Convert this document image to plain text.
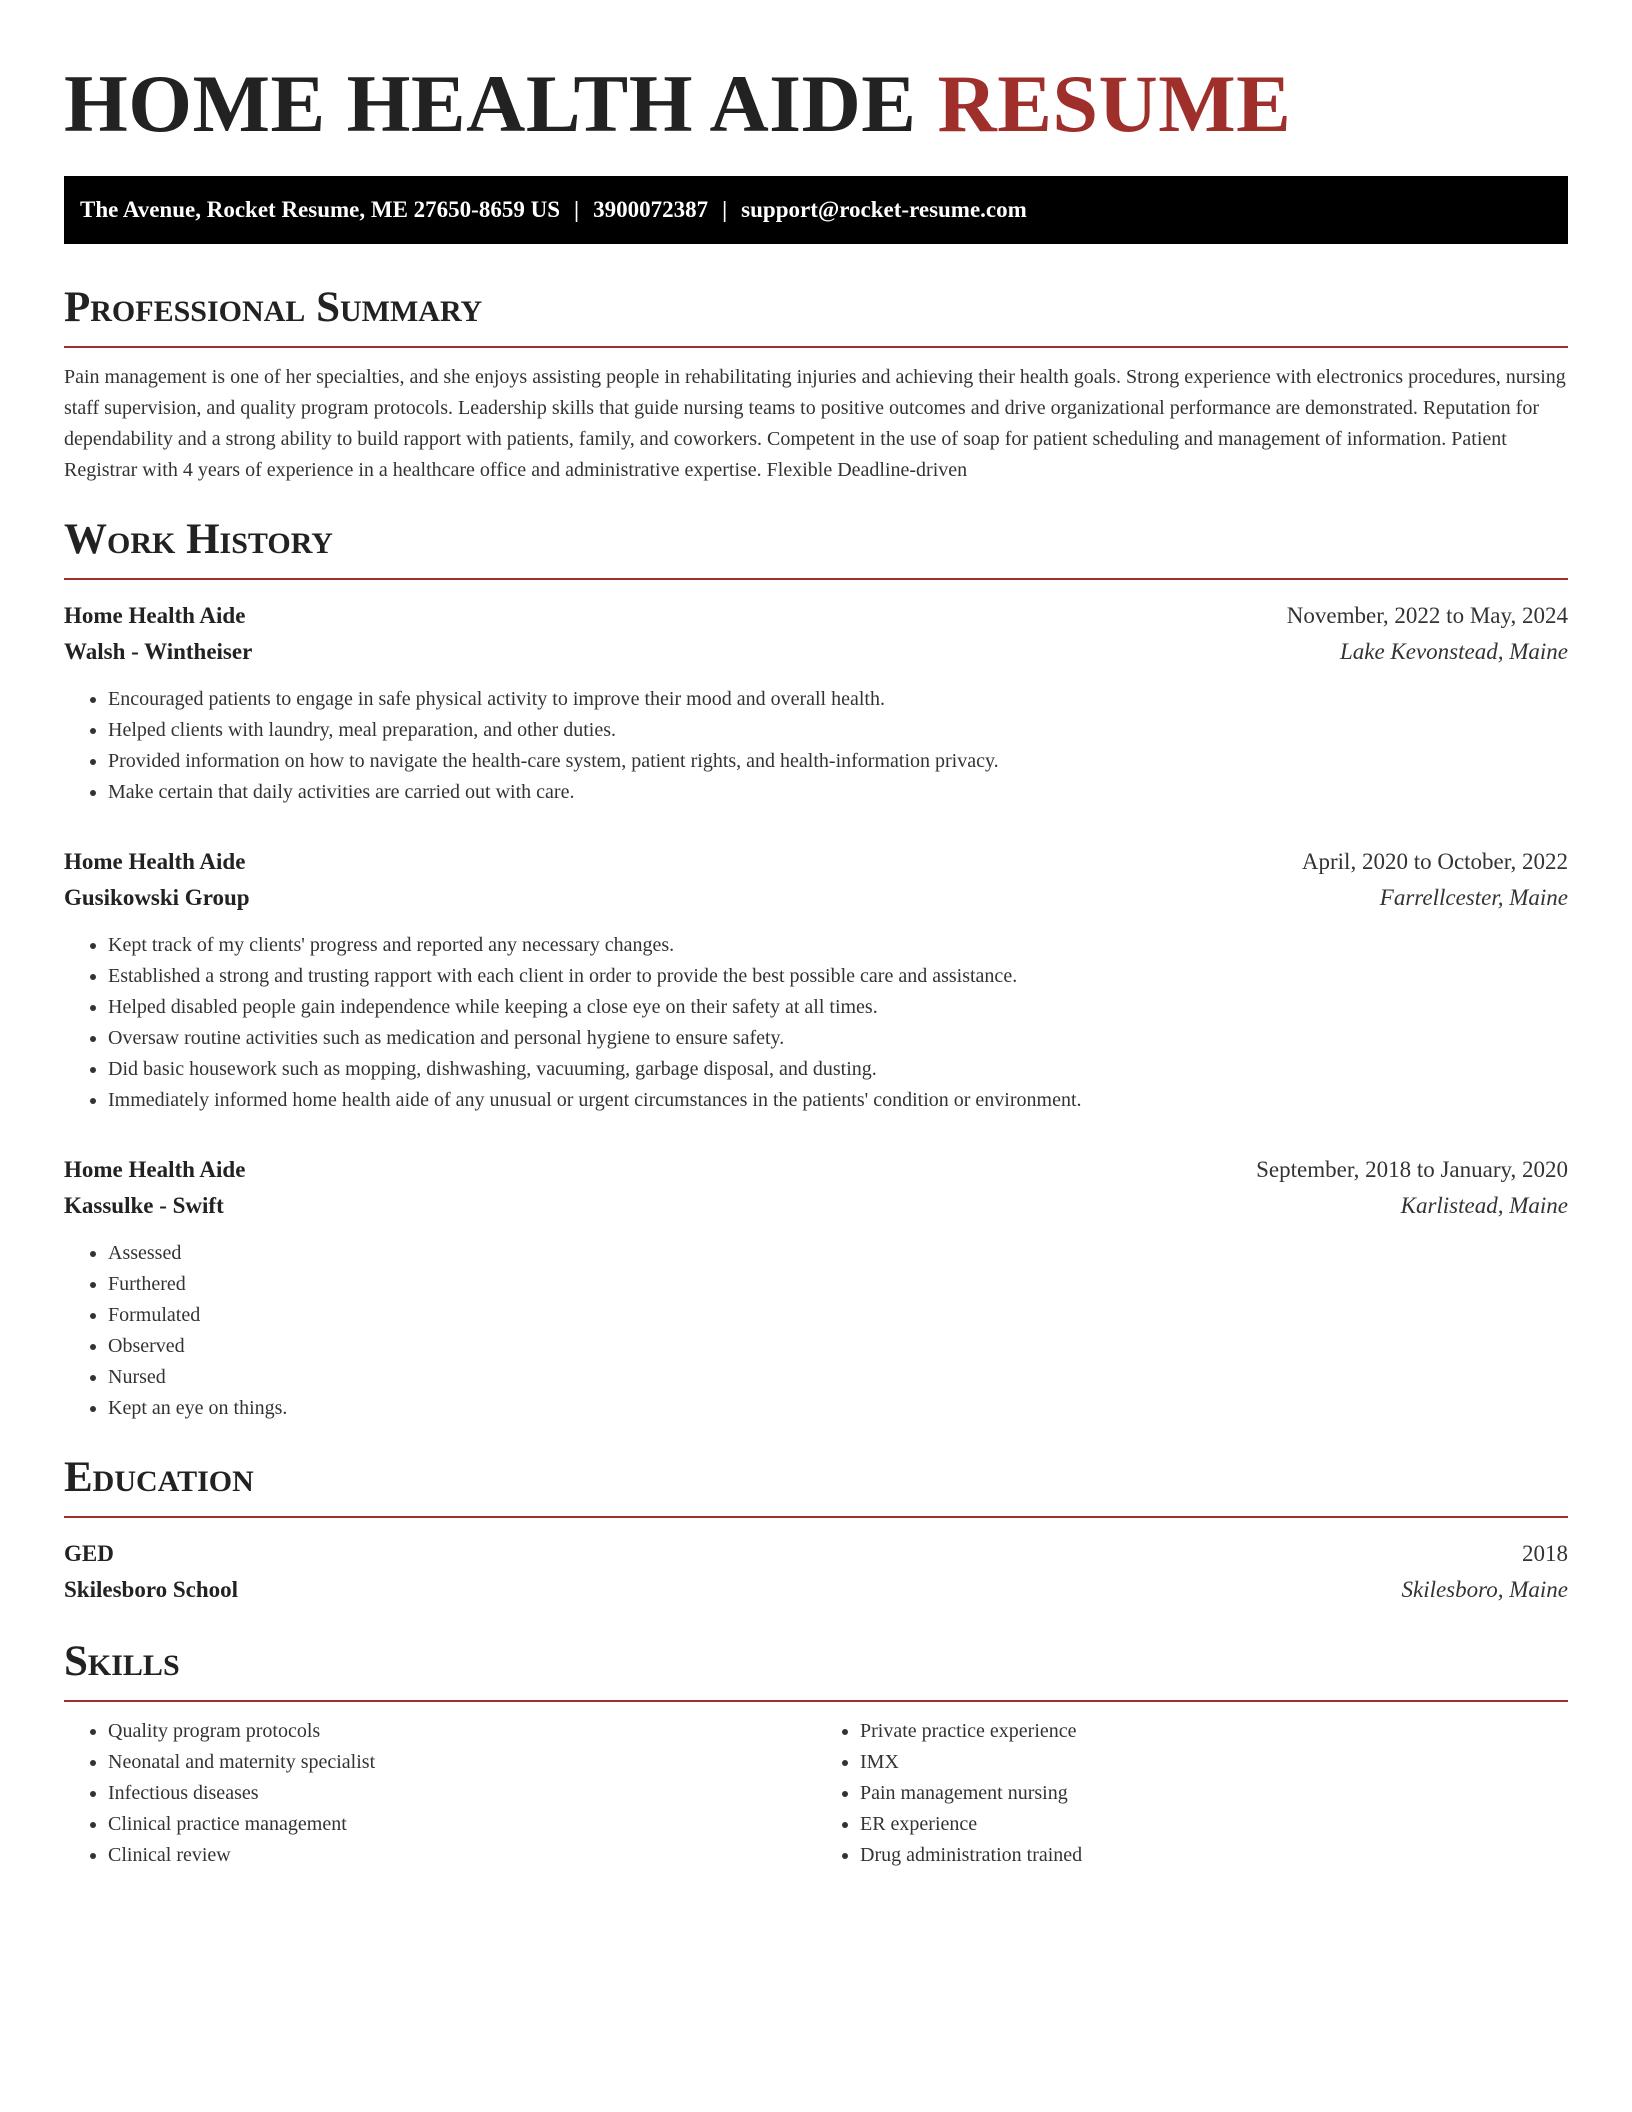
HOME HEALTH AIDE RESUME
The Avenue, Rocket Resume, ME 27650-8659 US | 3900072387 | support@rocket-resume.com
Professional Summary

Pain management is one of her specialties, and she enjoys assisting people in rehabilitating injuries and achieving their health goals. Strong experience with electronics procedures, nursing staff supervision, and quality program protocols. Leadership skills that guide nursing teams to positive outcomes and drive organizational performance are demonstrated. Reputation for dependability and a strong ability to build rapport with patients, family, and coworkers. Competent in the use of soap for patient scheduling and management of information. Patient Registrar with 4 years of experience in a healthcare office and administrative expertise. Flexible Deadline-driven

Work History
Home Health Aide	November, 2022 to May, 2024
Walsh - Wintheiser	Lake Kevonstead, Maine
• Encouraged patients to engage in safe physical activity to improve their mood and overall health.
• Helped clients with laundry, meal preparation, and other duties.
• Provided information on how to navigate the health-care system, patient rights, and health-information privacy.
• Make certain that daily activities are carried out with care.
Home Health Aide	April, 2020 to October, 2022
Gusikowski Group	Farrellcester, Maine
• Kept track of my clients' progress and reported any necessary changes.
• Established a strong and trusting rapport with each client in order to provide the best possible care and assistance.
• Helped disabled people gain independence while keeping a close eye on their safety at all times.
• Oversaw routine activities such as medication and personal hygiene to ensure safety.
• Did basic housework such as mopping, dishwashing, vacuuming, garbage disposal, and dusting.
• Immediately informed home health aide of any unusual or urgent circumstances in the patients' condition or environment.
Home Health Aide	September, 2018 to January, 2020
Kassulke - Swift	Karlistead, Maine
• Assessed
• Furthered
• Formulated
• Observed
• Nursed
• Kept an eye on things.
Education
GED	2018
Skilesboro School	Skilesboro, Maine
Skills
• Quality program protocols
• Neonatal and maternity specialist
• Infectious diseases
• Clinical practice management
• Clinical review
• Private practice experience
• IMX
• Pain management nursing
• ER experience
• Drug administration trained
